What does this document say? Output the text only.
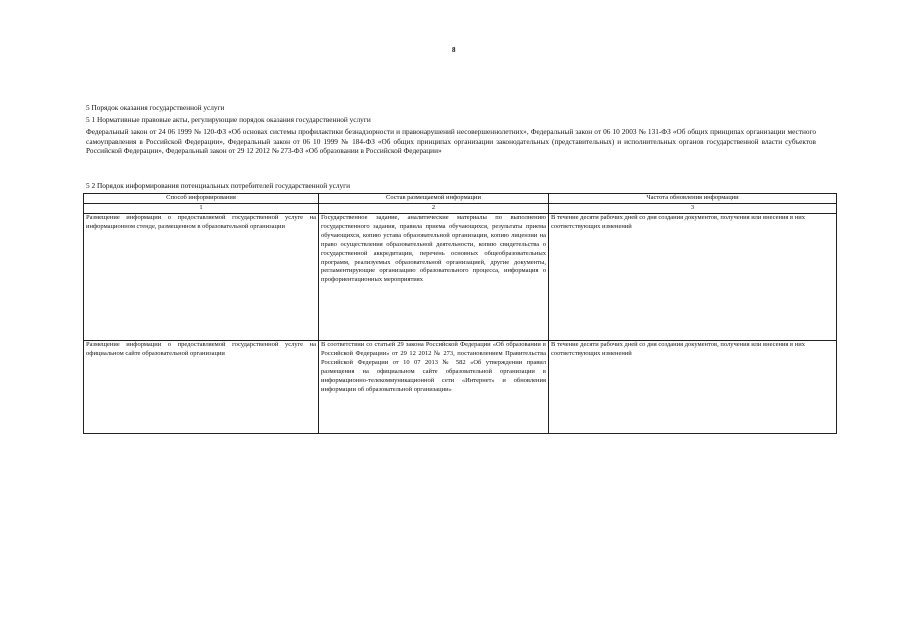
8
5 Порядок оказания государственной услуги
5 1 Нормативные правовые акты, регулирующие порядок оказания государственной услуги
Федеральный закон от 24 06 1999 № 120-ФЗ «Об основах системы профилактики безнадзорности и правонарушений несовершеннолетних», Федеральный закон от 06 10 2003 № 131-ФЗ «Об общих принципах организации местного самоуправления в Российской Федерации», Федеральный закон от 06 10 1999 № 184-ФЗ «Об общих принципах организации законодательных (представительных) и исполнительных органов государственной власти субъектов Российской Федерации», Федеральный закон от 29 12 2012 № 273-ФЗ «Об образовании в Российской Федерации»
5 2 Порядок информирования потенциальных потребителей государственной услуги
Способ информирования	Состав размещаемой информации	Частота обновления информации
1	2	3
Размещение информации о предоставляемой государственной услуге на информационном стенде, размещенном в образовательной организации	Государственное задание, аналитические материалы по выполнению государственного задания, правила приема обучающихся, результаты приема обучающихся, копию устава образовательной организации, копию лицензии на право осуществления образовательной деятельности, копию свидетельства о государственной аккредитации, перечень основных общеобразовательных программ, реализуемых образовательной организацией, другие документы, регламентирующие организацию образовательного процесса, информация о профориентационных мероприятиях	В течение десяти рабочих дней со дня создания документов, получения или внесения в них соответствующих изменений
Размещение информации о предоставляемой государственной услуге на официальном сайте образовательной организации	В соответствии со статьей 29 закона Российской Федерации «Об образовании в Российской Федерации» от 29 12 2012 № 273, постановлением Правительства Российской Федерации от 10 07 2013 № 582 «Об утверждении правил размещения на официальном сайте образовательной организации в информационно-телекоммуникационной сети «Интернет» и обновления информации об образовательной организации»	В течение десяти рабочих дней со дня создания документов, получения или внесения в них соответствующих изменений
